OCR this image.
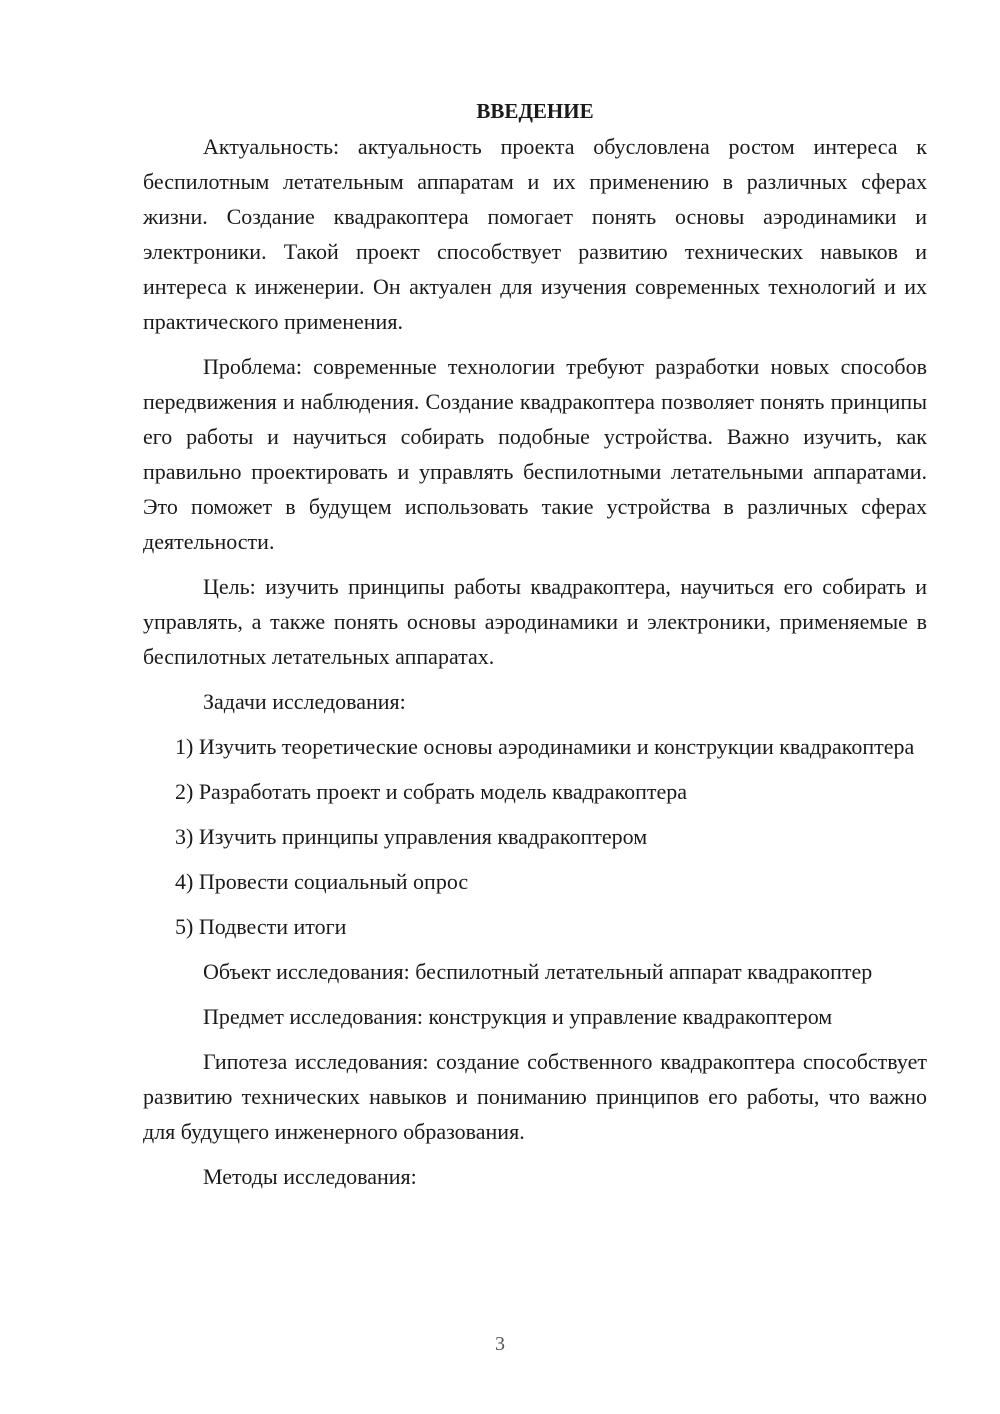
ВВЕДЕНИЕ

Актуальность: актуальность проекта обусловлена ростом интереса к беспилотным летательным аппаратам и их применению в различных сферах жизни. Создание квадракоптера помогает понять основы аэродинамики и электроники. Такой проект способствует развитию технических навыков и интереса к инженерии. Он актуален для изучения современных технологий и их практического применения.

Проблема: современные технологии требуют разработки новых способов передвижения и наблюдения. Создание квадракоптера позволяет понять принципы его работы и научиться собирать подобные устройства. Важно изучить, как правильно проектировать и управлять беспилотными летательными аппаратами. Это поможет в будущем использовать такие устройства в различных сферах деятельности.

Цель: изучить принципы работы квадракоптера, научиться его собирать и управлять, а также понять основы аэродинамики и электроники, применяемые в беспилотных летательных аппаратах.

Задачи исследования:

1) Изучить теоретические основы аэродинамики и конструкции квадракоптера

2) Разработать проект и собрать модель квадракоптера

3) Изучить принципы управления квадракоптером

4) Провести социальный опрос

5) Подвести итоги

Объект исследования: беспилотный летательный аппарат квадракоптер

Предмет исследования: конструкция и управление квадракоптером

Гипотеза исследования: создание собственного квадракоптера способствует развитию технических навыков и пониманию принципов его работы, что важно для будущего инженерного образования.

Методы исследования:

3
